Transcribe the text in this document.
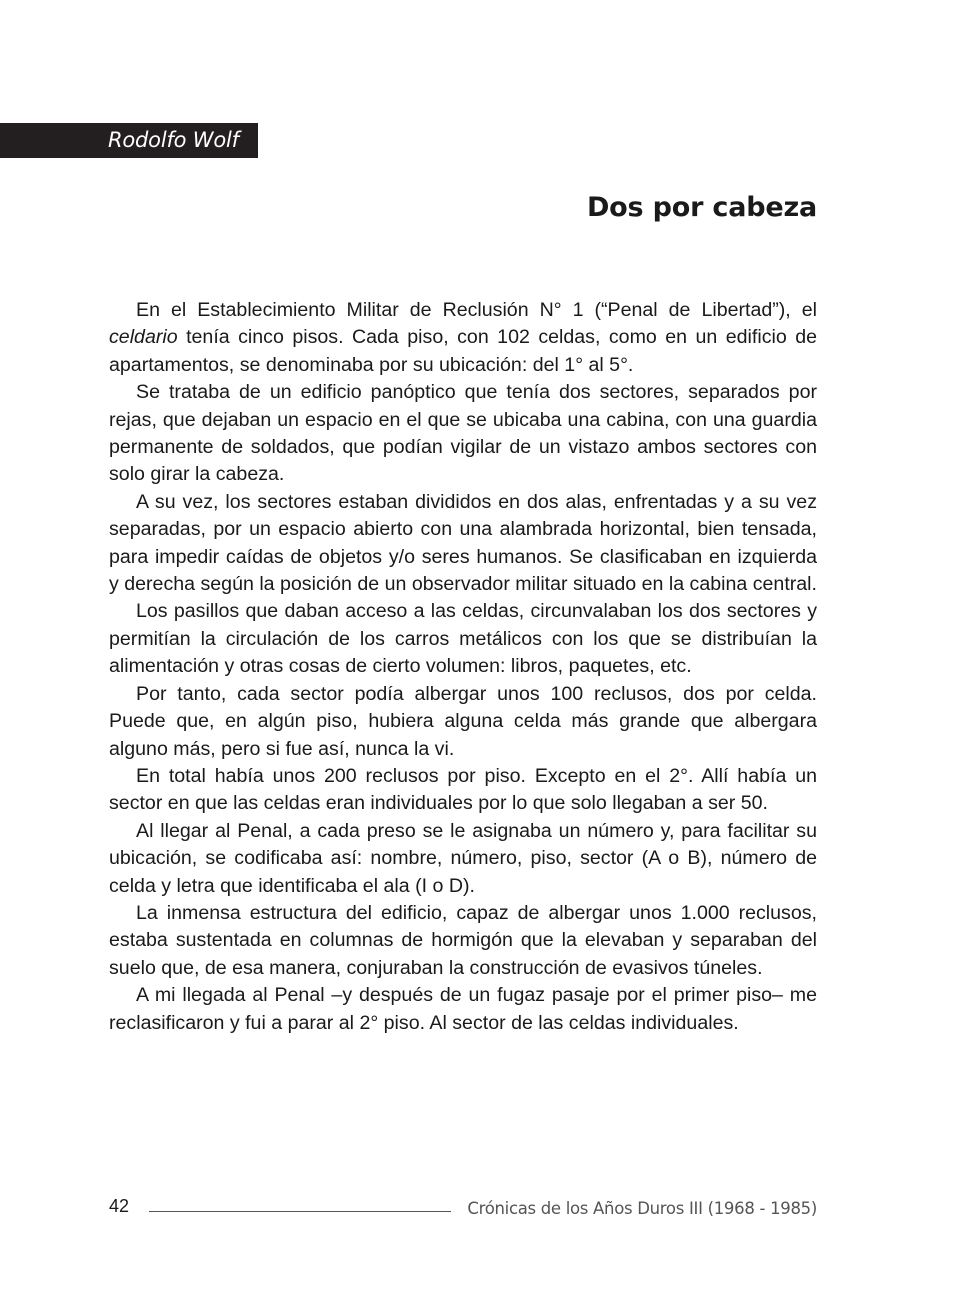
Rodolfo Wolf
Dos por cabeza

En el Establecimiento Militar de Reclusión N° 1 (“Penal de Libertad”), el celdario tenía cinco pisos. Cada piso, con 102 celdas, como en un edificio de apartamentos, se denominaba por su ubicación: del 1° al 5°.

Se trataba de un edificio panóptico que tenía dos sectores, separados por rejas, que dejaban un espacio en el que se ubicaba una cabina, con una guardia permanente de soldados, que podían vigilar de un vistazo ambos sectores con solo girar la cabeza.

A su vez, los sectores estaban divididos en dos alas, enfrentadas y a su vez separadas, por un espacio abierto con una alambrada horizontal, bien tensada, para impedir caídas de objetos y/o seres humanos. Se clasificaban en izquierda y derecha según la posición de un observador militar situado en la cabina central.

Los pasillos que daban acceso a las celdas, circunvalaban los dos sectores y permitían la circulación de los carros metálicos con los que se distribuían la alimentación y otras cosas de cierto volumen: libros, paquetes, etc.

Por tanto, cada sector podía albergar unos 100 reclusos, dos por celda. Puede que, en algún piso, hubiera alguna celda más grande que albergara alguno más, pero si fue así, nunca la vi.

En total había unos 200 reclusos por piso. Excepto en el 2°. Allí había un sector en que las celdas eran individuales por lo que solo llegaban a ser 50.

Al llegar al Penal, a cada preso se le asignaba un número y, para facilitar su ubicación, se codificaba así: nombre, número, piso, sector (A o B), número de celda y letra que identificaba el ala (I o D).

La inmensa estructura del edificio, capaz de albergar unos 1.000 reclusos, estaba sustentada en columnas de hormigón que la elevaban y separaban del suelo que, de esa manera, conjuraban la construcción de evasivos túneles.

A mi llegada al Penal –y después de un fugaz pasaje por el primer piso– me reclasificaron y fui a parar al 2° piso. Al sector de las celdas individuales.

42	Crónicas de los Años Duros III (1968 - 1985)
